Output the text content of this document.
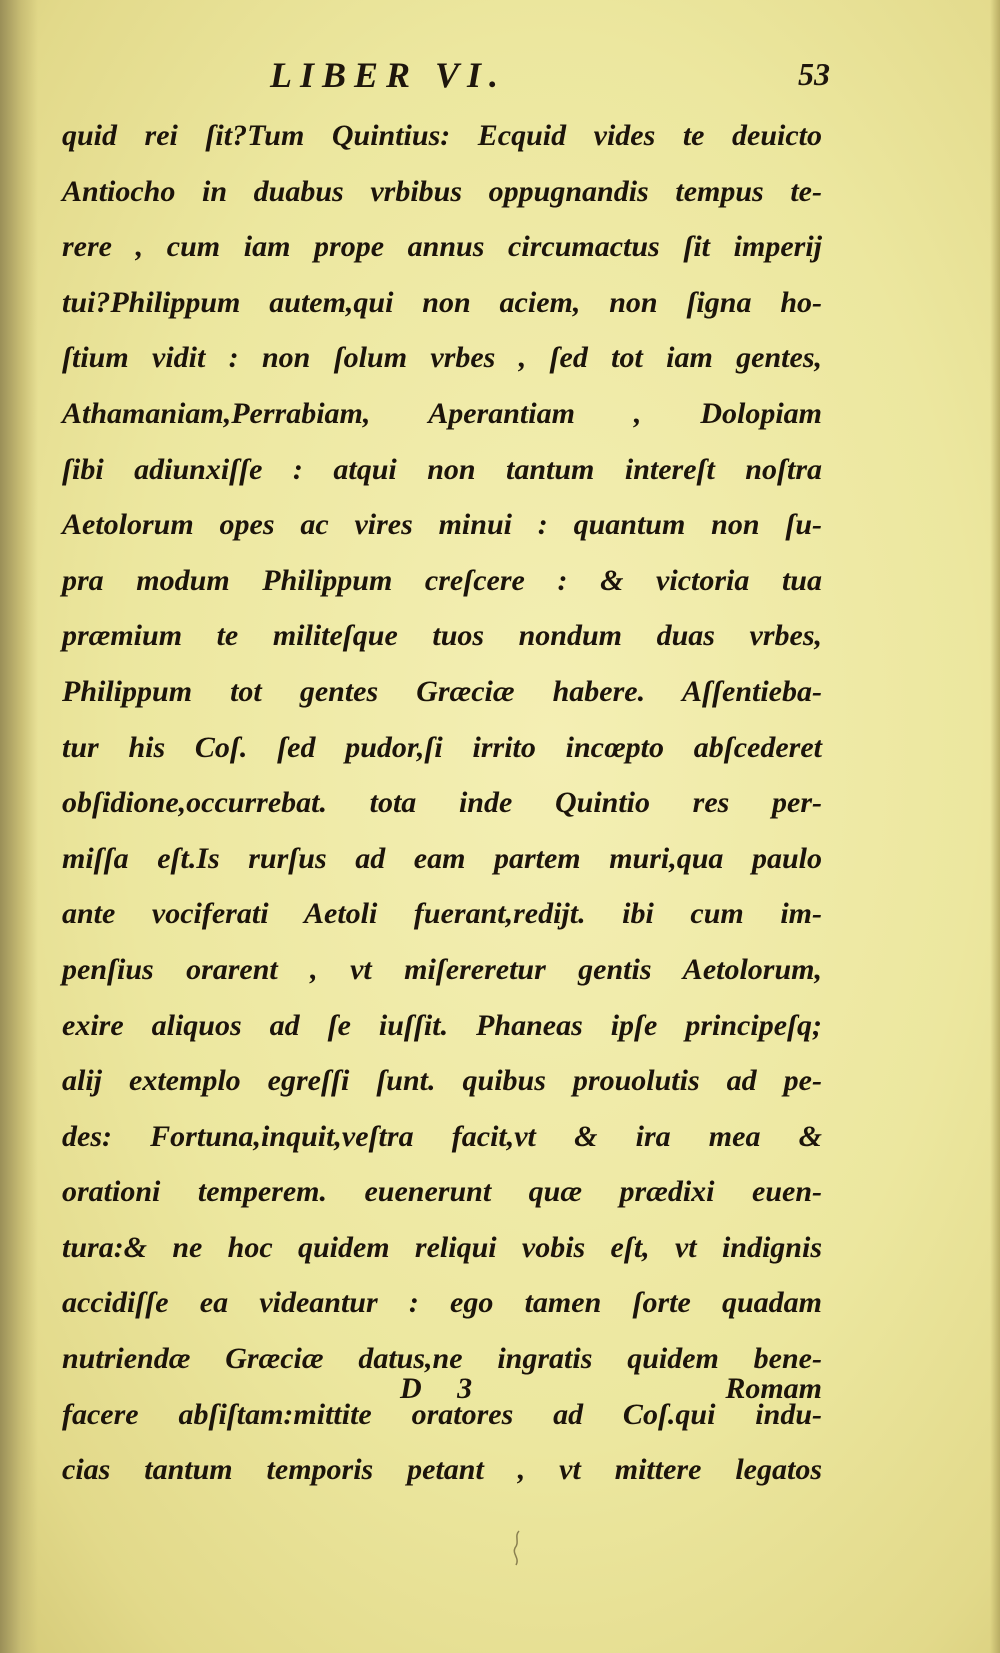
LIBER VI.	53
quid rei ſit?Tum Quintius: Ecquid vides te deuicto
Antiocho in duabus vrbibus oppugnandis tempus te-
rere , cum iam prope annus circumactus ſit imperij
tui?Philippum autem,qui non aciem, non ſigna ho-
ſtium vidit : non ſolum vrbes , ſed tot iam gentes,
Athamaniam,Perrabiam, Aperantiam , Dolopiam
ſibi adiunxiſſe : atqui non tantum intereſt noſtra
Aetolorum opes ac vires minui : quantum non ſu-
pra modum Philippum creſcere : & victoria tua
præmium te militeſque tuos nondum duas vrbes,
Philippum tot gentes Græciæ habere. Aſſentieba-
tur his Coſ. ſed pudor,ſi irrito incœpto abſcederet
obſidione,occurrebat. tota inde Quintio res per-
miſſa eſt.Is rurſus ad eam partem muri,qua paulo
ante vociferati Aetoli fuerant,rediјt. ibi cum im-
penſius orarent , vt miſereretur gentis Aetolorum,
exire aliquos ad ſe iuſſit. Phaneas ipſe principeſq;
alij extemplo egreſſi ſunt. quibus prouolutis ad pe-
des: Fortuna,inquit,veſtra facit,vt & ira mea &
orationi temperem. euenerunt quæ prædixi euen-
tura:& ne hoc quidem reliqui vobis eſt, vt indignis
accidiſſe ea videantur : ego tamen ſorte quadam
nutriendæ Græciæ datus,ne ingratis quidem bene-
facere abſiſtam:mittite oratores ad Coſ.qui indu-
cias tantum temporis petant , vt mittere legatos
D 3	Romam
